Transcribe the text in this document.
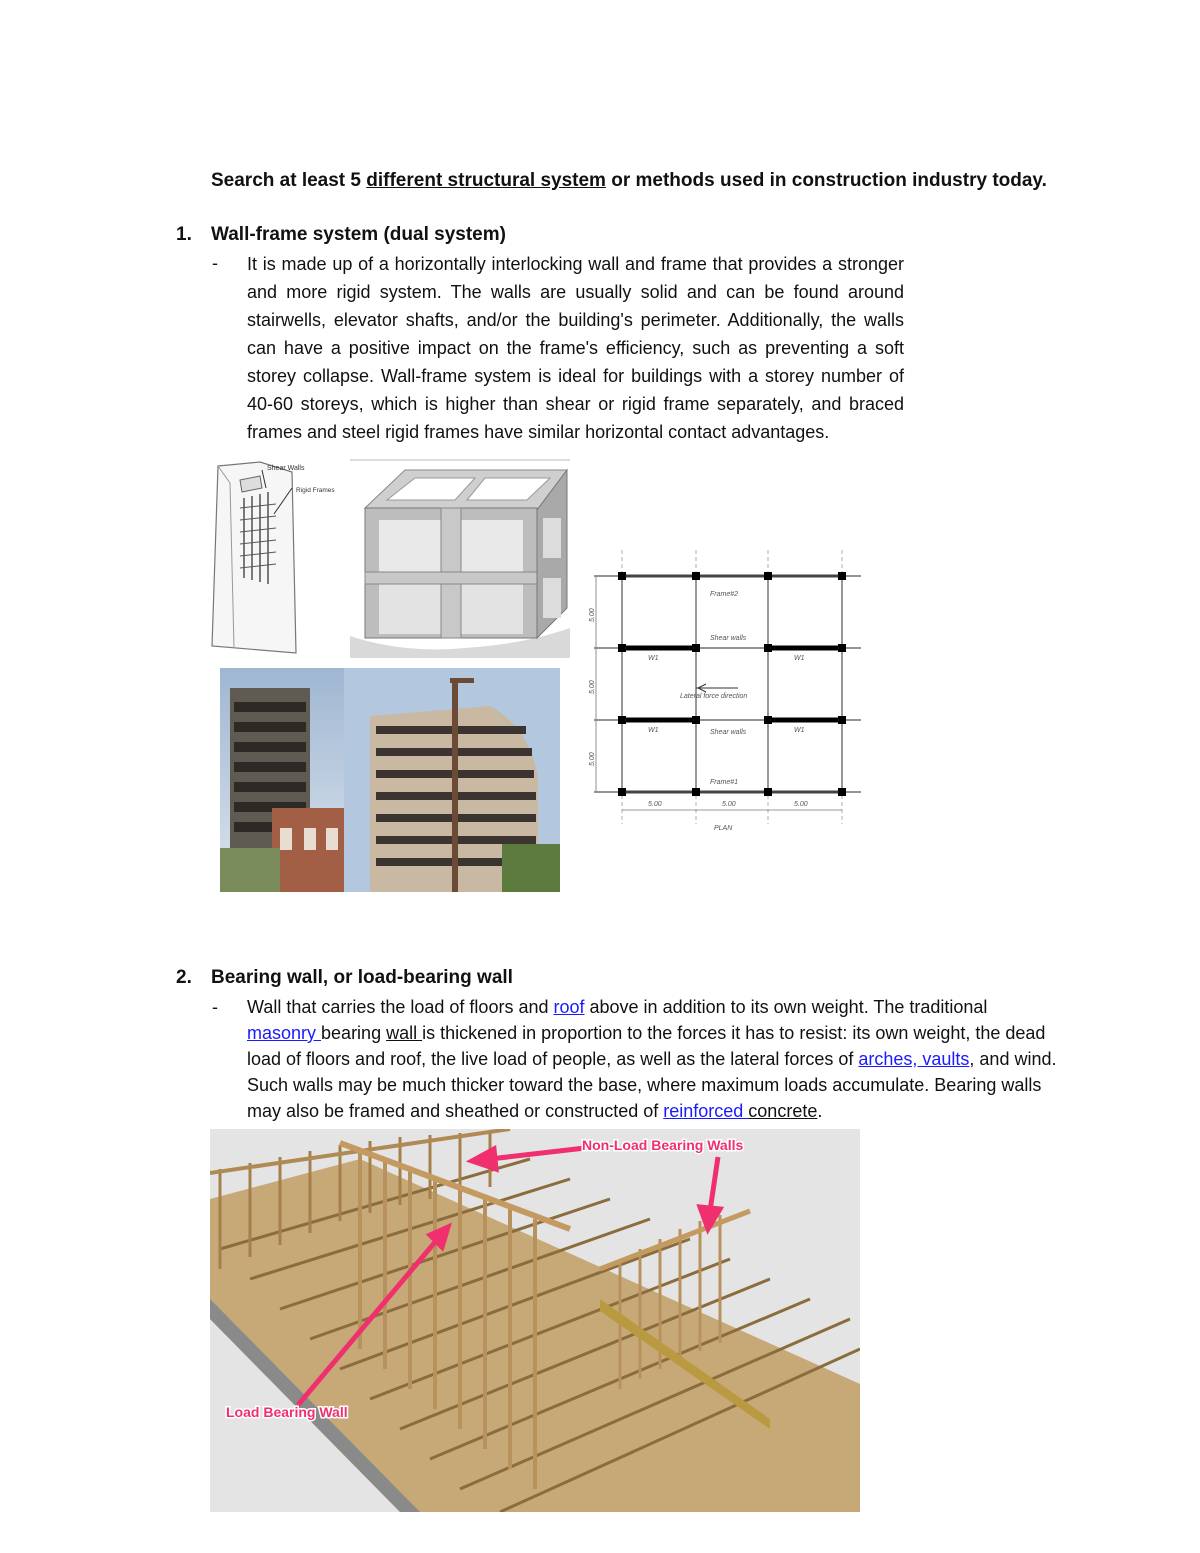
Search at least 5 different structural system or methods used in construction industry today.
1. Wall-frame system (dual system)
- It is made up of a horizontally interlocking wall and frame that provides a stronger and more rigid system. The walls are usually solid and can be found around stairwells, elevator shafts, and/or the building's perimeter. Additionally, the walls can have a positive impact on the frame's efficiency, such as preventing a soft storey collapse. Wall-frame system is ideal for buildings with a storey number of 40-60 storeys, which is higher than shear or rigid frame separately, and braced frames and steel rigid frames have similar horizontal contact advantages.
Shear Walls
Rigid Frames
Frame#2
Shear walls
Lateral force direction
Shear walls
Frame#1
W1	W1
W1	W1
5.00	5.00	5.00
5.00
5.00
5.00
PLAN
2. Bearing wall, or load-bearing wall
- Wall that carries the load of floors and roof above in addition to its own weight. The traditional masonry bearing wall is thickened in proportion to the forces it has to resist: its own weight, the dead load of floors and roof, the live load of people, as well as the lateral forces of arches, vaults, and wind. Such walls may be much thicker toward the base, where maximum loads accumulate. Bearing walls may also be framed and sheathed or constructed of reinforced concrete.
Non-Load Bearing Walls
Load Bearing Wall
